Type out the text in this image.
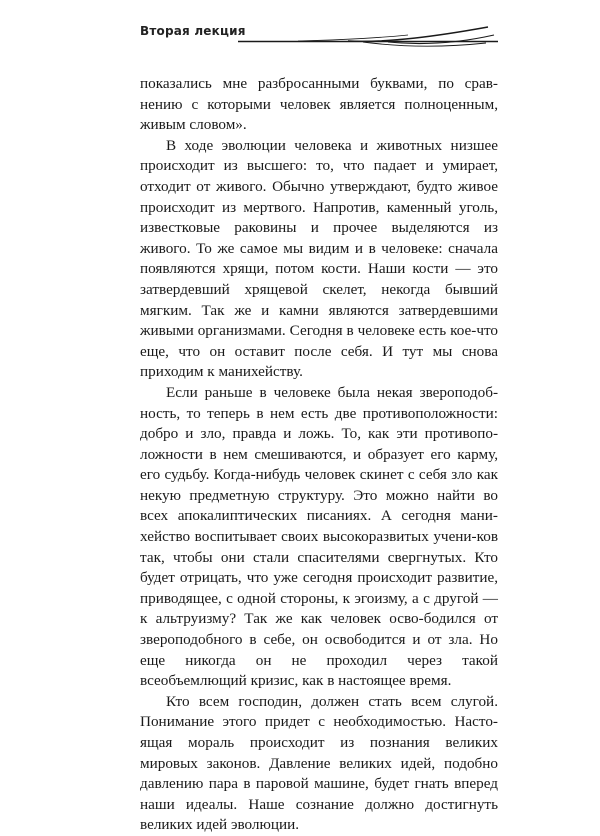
Вторая лекция

показались мне разбросанными буквами, по срав-нению с которыми человек является полноценным, живым словом».

В ходе эволюции человека и животных низшее происходит из высшего: то, что падает и умирает, отходит от живого. Обычно утверждают, будто живое происходит из мертвого. Напротив, каменный уголь, известковые раковины и прочее выделяются из живого. То же самое мы видим и в человеке: сначала появляются хрящи, потом кости. Наши кости — это затвердевший хрящевой скелет, некогда бывший мягким. Так же и камни являются затвердевшими живыми организмами. Сегодня в человеке есть кое-что еще, что он оставит после себя. И тут мы снова приходим к манихейству.

Если раньше в человеке была некая звероподоб-ность, то теперь в нем есть две противоположности: добро и зло, правда и ложь. То, как эти противопо-ложности в нем смешиваются, и образует его карму, его судьбу. Когда-нибудь человек скинет с себя зло как некую предметную структуру. Это можно найти во всех апокалиптических писаниях. А сегодня мани-хейство воспитывает своих высокоразвитых учени-ков так, чтобы они стали спасителями свергнутых. Кто будет отрицать, что уже сегодня происходит развитие, приводящее, с одной стороны, к эгоизму, а с другой — к альтруизму? Так же как человек осво-бодился от звероподобного в себе, он освободится и от зла. Но еще никогда он не проходил через такой всеобъемлющий кризис, как в настоящее время.

Кто всем господин, должен стать всем слугой. Понимание этого придет с необходимостью. Насто-ящая мораль происходит из познания великих мировых законов. Давление великих идей, подобно давлению пара в паровой машине, будет гнать вперед наши идеалы. Наше сознание должно достигнуть великих идей эволюции.
